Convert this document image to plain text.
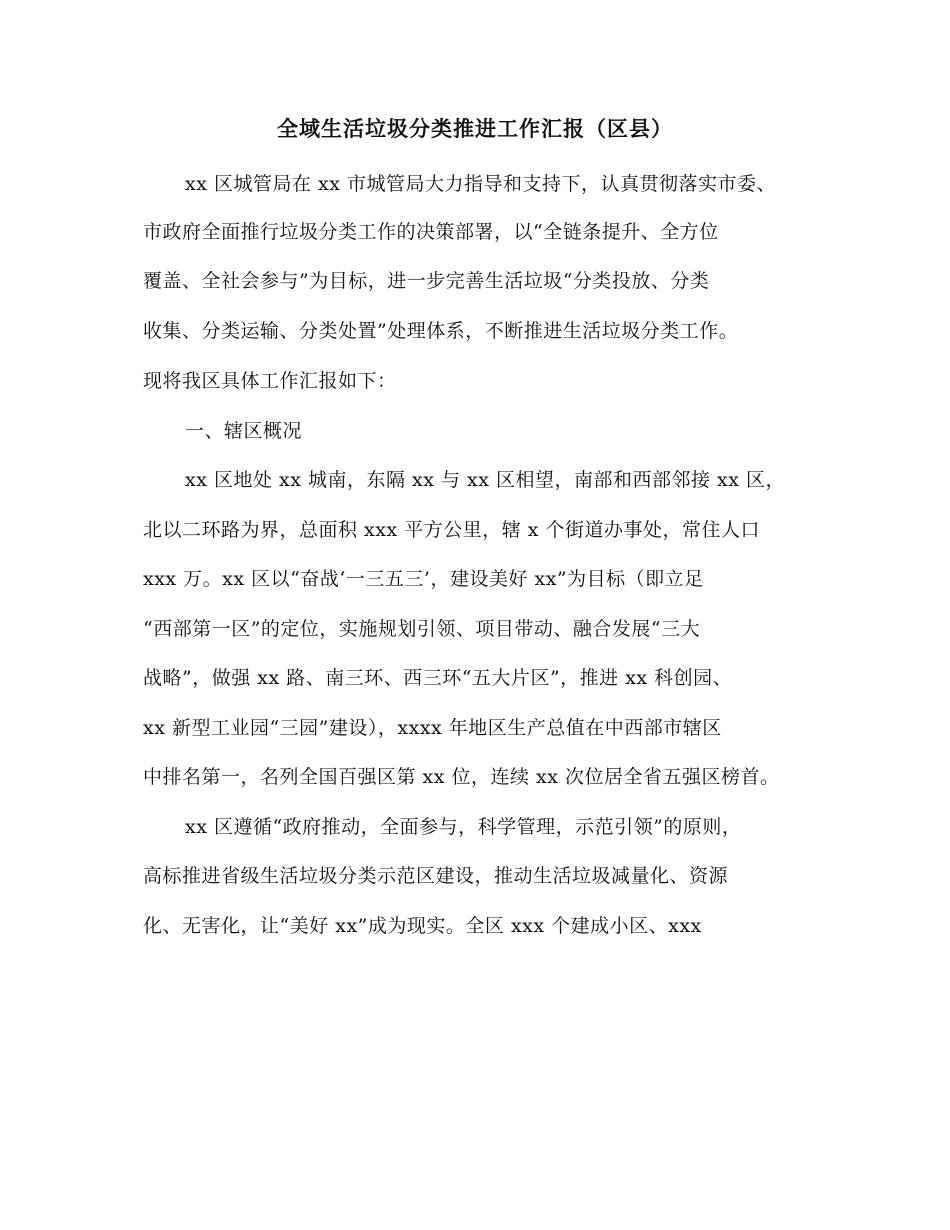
全域生活垃圾分类推进工作汇报（区县）

xx 区城管局在 xx 市城管局大力指导和支持下，认真贯彻落实市委、

市政府全面推行垃圾分类工作的决策部署，以“全链条提升、全方位

覆盖、全社会参与”为目标，进一步完善生活垃圾“分类投放、分类

收集、分类运输、分类处置”处理体系，不断推进生活垃圾分类工作。

现将我区具体工作汇报如下：

一、辖区概况

xx 区地处 xx 城南，东隔 xx 与 xx 区相望，南部和西部邻接 xx 区，

北以二环路为界，总面积 xxx 平方公里，辖 x 个街道办事处，常住人口

xxx 万。xx 区以“奋战‘一三五三’，建设美好 xx”为目标（即立足

“西部第一区”的定位，实施规划引领、项目带动、融合发展“三大

战略”，做强 xx 路、南三环、西三环“五大片区”，推进 xx 科创园、

xx 新型工业园“三园”建设），xxxx 年地区生产总值在中西部市辖区

中排名第一，名列全国百强区第 xx 位，连续 xx 次位居全省五强区榜首。

xx 区遵循“政府推动，全面参与，科学管理，示范引领”的原则，

高标推进省级生活垃圾分类示范区建设，推动生活垃圾减量化、资源

化、无害化，让“美好 xx”成为现实。全区 xxx 个建成小区、xxx
